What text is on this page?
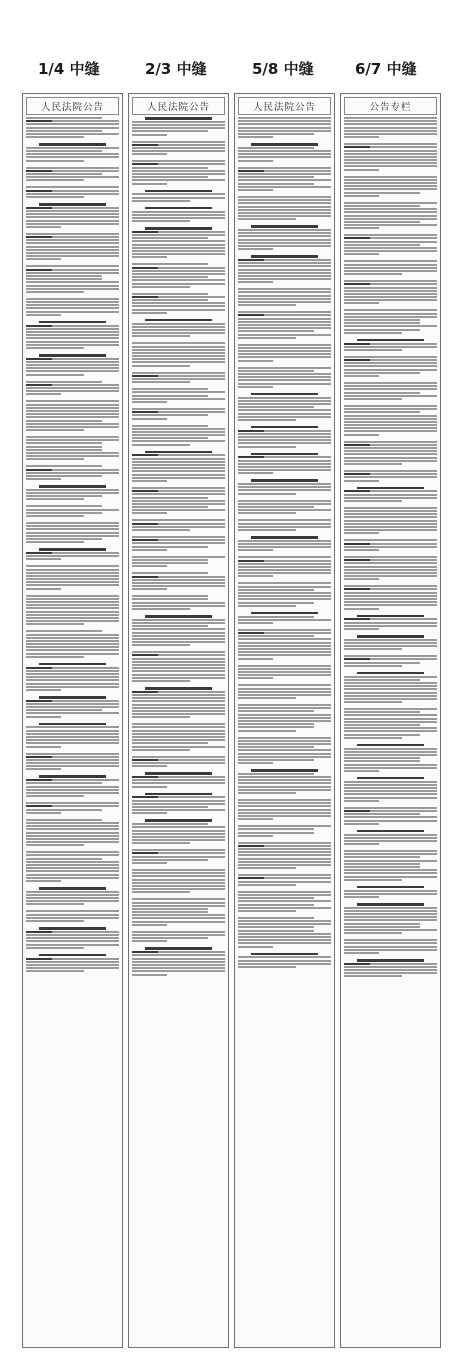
1/4 中缝	2/3 中缝	5/8 中缝	6/7 中缝
人民法院公告	人民法院公告	人民法院公告	公告专栏
